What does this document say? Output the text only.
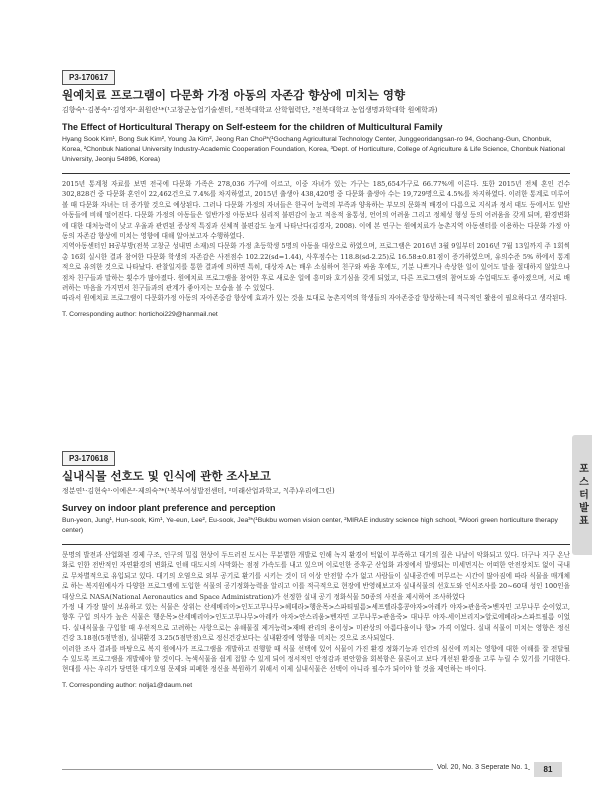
P3-170617
원예치료 프로그램이 다문화 가정 아동의 자존감 향상에 미치는 영향
김향숙¹·김봉숙²·김영자²·최원란¹*(¹고창군농업기술센터, ²전북대학교 산학협력단, ³전북대학교 농업생명과학대학 원예학과)
The Effect of Horticultural Therapy on Self-esteem for the children of Multicultural Family
Hyang Sook Kim¹, Bong Suk Kim², Young Ja Kim², Jeong Ran Choi³*(¹Gochang Agricultural Technology Center, Junggeoridangsan-ro 94, Gochang-Gun, Chonbuk, Korea, ²Chonbuk National University Industry-Academic Cooperation Foundation, Korea, ³Dept. of Horticulture, College of Agriculture & Life Science, Chonbuk National University, Jeonju 54896, Korea)

2015년 통계청 자료를 보면 전국에 다문화 가족은 278,036 가구에 이르고, 이중 자녀가 있는 가구는 185,654가구로 66.77%에 이른다. 또한 2015년 전체 혼인 건수 302,828건 중 다문화 혼인이 22,462건으로 7.4%를 차지하였고, 2015년 출생아 438,420명 중 다문화 출생아 수는 19,729명으로 4.5%를 차지하였다. 이러한 통계로 미루어 볼 때 다문화 자녀는 더 증가할 것으로 예상된다. 그러나 다문화 가정의 자녀들은 한국어 능력의 부족과 양육하는 부모의 문화적 배경이 다름으로 지식과 정서 태도 등에서도 일반 아동들에 비해 떨어진다. 다문화 가정의 아동들은 일반가정 아동보다 심리적 불편감이 높고 적응적 융통성, 언어의 어려움 그리고 정체성 형성 등의 어려움을 갖게 되며, 환경변화에 대한 대처능력이 낮고 우울과 관련된 증상적 특징과 신체적 불편감도 높게 나타난다(김경자, 2008). 이에 본 연구는 원예치료가 농촌지역 아동센터를 이용하는 다문화 가정 아동의 자존감 향상에 미치는 영향에 대해 알아보고자 수행하였다.

지역아동센터인 H공부방(전북 고창군 성내면 소재)의 다문화 가정 초등학생 5명의 아동을 대상으로 하였으며, 프로그램은 2016년 3월 9일부터 2016년 7월 13일까지 주 1회씩 총 16회 실시한 결과 참여한 다문화 학생의 자존감은 사전점수 102.22(sd=1.44), 사후점수는 118.8(sd-2.25)로 16.58±0.81점이 증가하였으며, 유의수준 5% 하에서 통계적으로 유의한 것으로 나타났다. 관찰일지를 통한 결과에 의하면 특히, 대상자 A는 배우 소심하여 친구와 싸움 후에도, 기분 나쁘거나 속상한 일이 있어도 말을 절대하지 않았으나 점차 친구들과 말하는 횟수가 많아졌다. 원예치료 프로그램을 참여한 후로 새로운 일에 흥미와 호기심을 갖게 되었고, 다른 프로그램의 참여도와 수업태도도 좋아졌으며, 서로 배려하는 마음을 가지면서 친구들과의 관계가 좋아지는 모습을 볼 수 있었다.

따라서 원예치료 프로그램이 다문화가정 아동의 자아존중감 향상에 효과가 있는 것을 토대로 농촌지역의 학생들의 자아존중감 향상하는데 적극적인 활용이 필요하다고 생각된다.

T. Corresponding author: hortichoi229@hanmail.net
P3-170618
실내식물 선호도 및 인식에 관한 조사보고
정분연¹·김현숙¹·이예은²·제의숙³*(¹북부여성발전센터, ²미래산업과학고, ³(주)우리에그린)
Survey on indoor plant preference and perception
Bun-yeon, Jung¹, Hun-sook, Kim¹, Ye-eun, Lee², Eu-sook, Jea³*(¹Bukbu women vision center, ²MIRAE industry science high school, ³Woori green horticulture therapy center)

문명의 발전과 산업화된 경제 구조, 인구의 밀집 현상이 두드러진 도시는 무분별한 개발로 인해 녹지 환경이 턱없이 부족하고 대기의 질은 나날이 악화되고 있다. 더구나 지구 온난화로 인한 전반적인 자연환경의 변화로 인해 대도시의 사막화는 점점 가속도를 내고 있으며 이로인한 증후군 산업화 과정에서 발생되는 미세먼지는 어떠한 안전장치도 없이 국내로 무차별적으로 유입되고 있다. 대기의 오염으로 외부 공기로 환기를 시키는 것이 더 이상 안전할 수가 없고 사람들이 실내공간에 머무르는 시간이 많아짐에 따라 식물을 매개체로 하는 복지원예사가 다양한 프로그램에 도입한 식물의 공기정화능력을 알리고 이를 적극적으로 현장에 반영해보고자 실내식물의 선호도와 인식조사를 20~60대 성인 100인을 대상으로 NASA(National Aeronautics and Space Administration)가 선정한 실내 공기 정화식물 50종의 사진을 제시하여 조사하였다

가정 내 가장 많이 보유하고 있는 식물은 상위는 산세베리아>인도고무나무>헤데라>행운목>스파티필름>셰프렐라홍콩야자>아레카 야자>관음죽>벤자민 고무나무 순이었고, 향후 구입 의사가 높은 식물은 행운목>산세베리아>인도고무나무>아레카 야자>안스리움>벤자민 고무나무>관음죽> 대나무 야자-세이브리지>알로에베라>스파트필름 이었다. 실내식물을 구입할 때 우선적으로 고려하는 사항으로는 유해물질 제거능력>재배 관리의 용이성> 미관상의 아름다움이나 향> 가격 이었다. 실내 식물이 미치는 영향은 정신건강 3.18점(5점만점), 실내환경 3.25(5점만점)으로 정신건강보다는 실내환경에 영향을 미치는 것으로 조사되었다.

이러한 조사 결과를 바탕으로 복지 원예사가 프로그램을 개발하고 진행할 때 식물 선택에 있어 식물이 가진 환경 정화기능과 인간의 심신에 끼치는 영향에 대한 이해를 잘 전달될 수 있도록 프로그램을 개발해야 할 것이다. 녹색식물을 쉽게 접할 수 있게 되어 정서적인 안정감과 편안함을 회복함은 물론이고 보다 개선된 환경을 고루 누릴 수 있기를 기대한다. 현대를 사는 우리가 당면한 대기오염 문제와 피폐한 정신을 복원하기 위해서 이제 실내식물은 선택이 아니라 필수가 되어야 할 것을 제언하는 바이다.

T. Corresponding author: nolja1@daum.net
포스터발표
Vol. 20, No. 3 Seperate No. 1	81
